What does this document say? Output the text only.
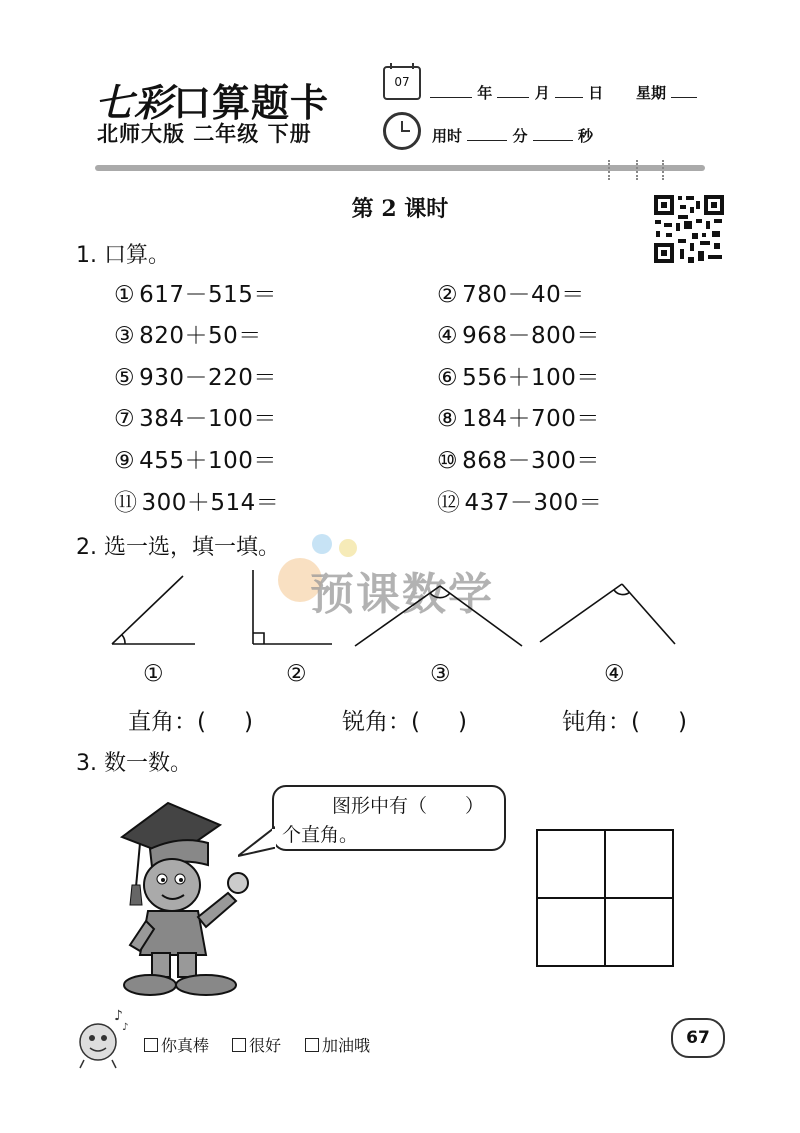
七彩口算题卡
北师大版 二年级 下册
07
年	月	日 星期
用时	分	秒
第 2 课时
1. 口算。
① 617－515＝	② 780－40＝
③ 820＋50＝	④ 968－800＝
⑤ 930－220＝	⑥ 556＋100＝
⑦ 384－100＝	⑧ 184＋700＝
⑨ 455＋100＝	⑩ 868－300＝
⑪ 300＋514＝	⑫ 437－300＝
2. 选一选，填一填。
预课数学
①	②	③	④
直角：( )	锐角：( )	钝角：( )
3. 数一数。
图形中有（　　）
个直角。
♪
♪
你真棒	很好	加油哦	67
